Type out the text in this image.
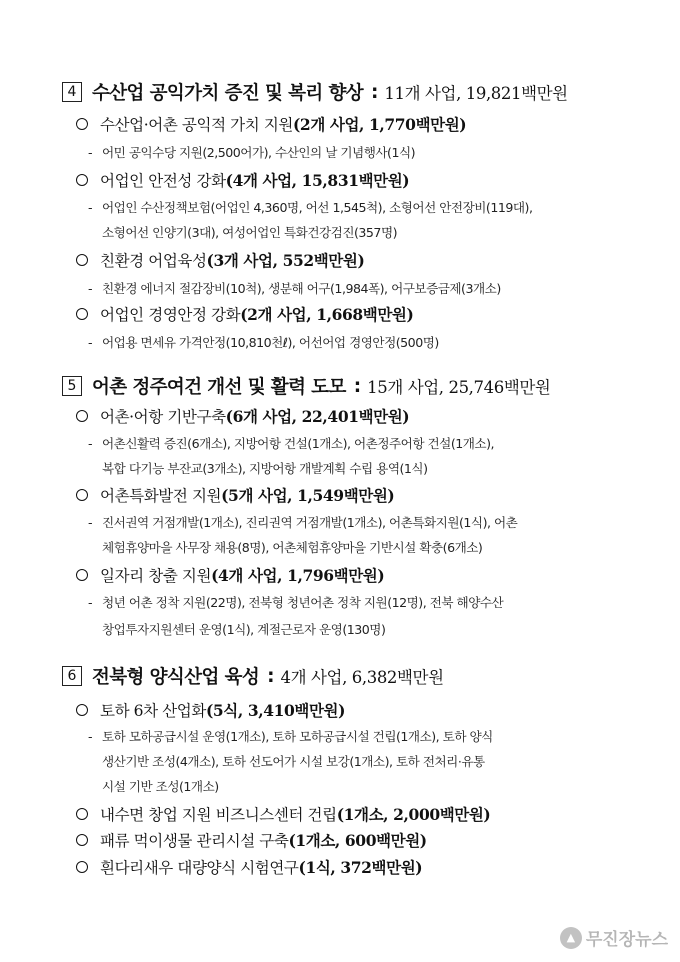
4 수산업 공익가치 증진 및 복리 향상 : 11개 사업, 19,821백만원
수산업·어촌 공익적 가치 지원 (2개 사업, 1,770백만원)
- 어민 공익수당 지원(2,500어가), 수산인의 날 기념행사(1식)
어업인 안전성 강화 (4개 사업, 15,831백만원)
- 어업인 수산정책보험(어업인 4,360명, 어선 1,545척), 소형어선 안전장비(119대),
소형어선 인양기(3대), 여성어업인 특화건강검진(357명)
친환경 어업육성 (3개 사업, 552백만원)
- 친환경 에너지 절감장비(10척), 생분해 어구(1,984폭), 어구보증금제(3개소)
어업인 경영안정 강화 (2개 사업, 1,668백만원)
- 어업용 면세유 가격안정(10,810천ℓ), 어선어업 경영안정(500명)
5 어촌 정주여건 개선 및 활력 도모 : 15개 사업, 25,746백만원
어촌·어항 기반구축 (6개 사업, 22,401백만원)
- 어촌신활력 증진(6개소), 지방어항 건설(1개소), 어촌정주어항 건설(1개소),
복합 다기능 부잔교(3개소), 지방어항 개발계획 수립 용역(1식)
어촌특화발전 지원 (5개 사업, 1,549백만원)
- 진서권역 거점개발(1개소), 진리권역 거점개발(1개소), 어촌특화지원(1식), 어촌
체험휴양마을 사무장 채용(8명), 어촌체험휴양마을 기반시설 확충(6개소)
일자리 창출 지원 (4개 사업, 1,796백만원)
- 청년 어촌 정착 지원(22명), 전북형 청년어촌 정착 지원(12명), 전북 해양수산
창업투자지원센터 운영(1식), 계절근로자 운영(130명)
6 전북형 양식산업 육성 : 4개 사업, 6,382백만원
토하 6차 산업화 (5식, 3,410백만원)
- 토하 모하공급시설 운영(1개소), 토하 모하공급시설 건립(1개소), 토하 양식
생산기반 조성(4개소), 토하 선도어가 시설 보강(1개소), 토하 전처리·유통
시설 기반 조성(1개소)
내수면 창업 지원 비즈니스센터 건립 (1개소, 2,000백만원)
패류 먹이생물 관리시설 구축 (1개소, 600백만원)
흰다리새우 대량양식 시험연구 (1식, 372백만원)
▲ 무진장뉴스
